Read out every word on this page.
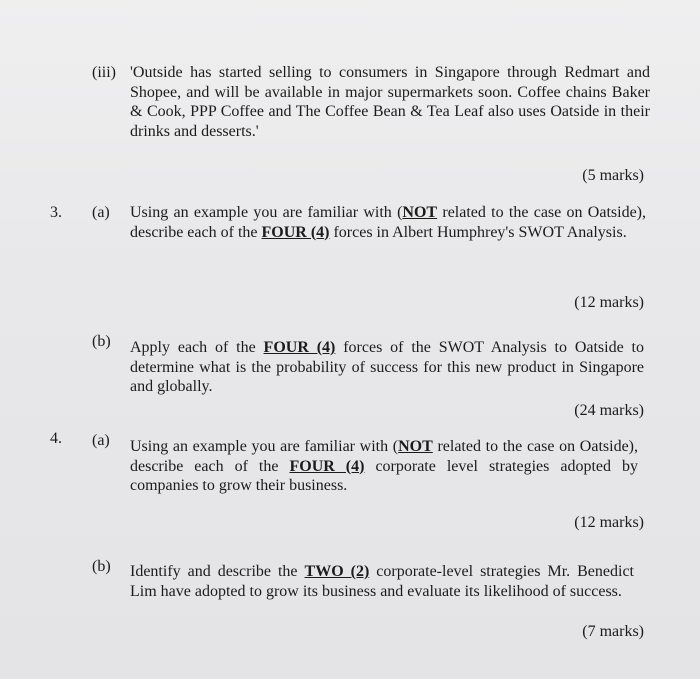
(iii) 'Outside has started selling to consumers in Singapore through Redmart and Shopee, and will be available in major supermarkets soon. Coffee chains Baker & Cook, PPP Coffee and The Coffee Bean & Tea Leaf also uses Oatside in their drinks and desserts.'
(5 marks)
3. (a) Using an example you are familiar with (NOT related to the case on Oatside), describe each of the FOUR (4) forces in Albert Humphrey's SWOT Analysis.
(12 marks)
(b) Apply each of the FOUR (4) forces of the SWOT Analysis to Oatside to determine what is the probability of success for this new product in Singapore and globally.
(24 marks)
4. (a) Using an example you are familiar with (NOT related to the case on Oatside), describe each of the FOUR (4) corporate level strategies adopted by companies to grow their business.
(12 marks)
(b) Identify and describe the TWO (2) corporate-level strategies Mr. Benedict Lim have adopted to grow its business and evaluate its likelihood of success.
(7 marks)
